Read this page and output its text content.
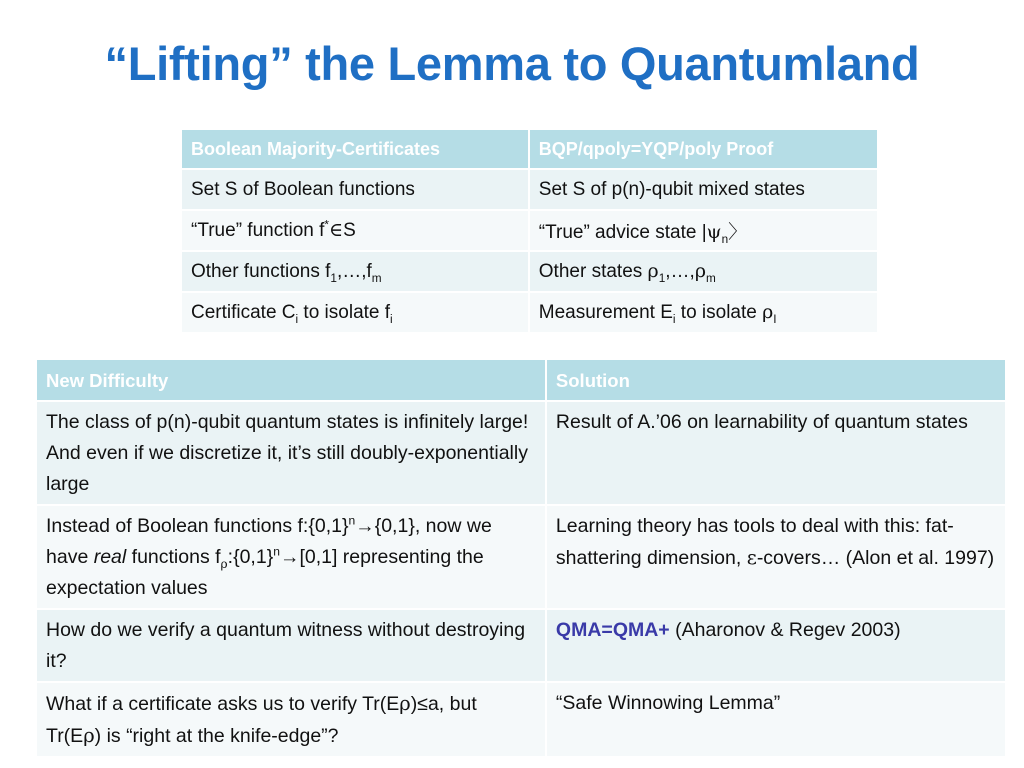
“Lifting” the Lemma to Quantumland
Boolean Majority-Certificates	BQP/qpoly=YQP/poly Proof
Set S of Boolean functions	Set S of p(n)-qubit mixed states
“True” function f*∈S	“True” advice state $|\psi_n$〉
Other functions $f_1,\dots,f_m$	Other states $\rho_1,\dots,\rho_m$
Certificate $C_i$ to isolate $f_i$	Measurement $E_i$ to isolate $\rho_I$
New Difficulty	Solution
The class of p(n)-qubit quantum states is infinitely large! And even if we discretize it, it’s still doubly-exponentially large	Result of A.’06 on learnability of quantum states
Instead of Boolean functions $f:\{0,1\}^n\to\{0,1\}$, now we have real functions $f_\rho:\{0,1\}^n\to[0,1]$ representing the expectation values	Learning theory has tools to deal with this: fat-shattering dimension, ε-covers… (Alon et al. 1997)
How do we verify a quantum witness without destroying it?	QMA=QMA+ (Aharonov & Regev 2003)
What if a certificate asks us to verify Tr(Eρ)≤a, but Tr(Eρ) is “right at the knife-edge”?	“Safe Winnowing Lemma”
